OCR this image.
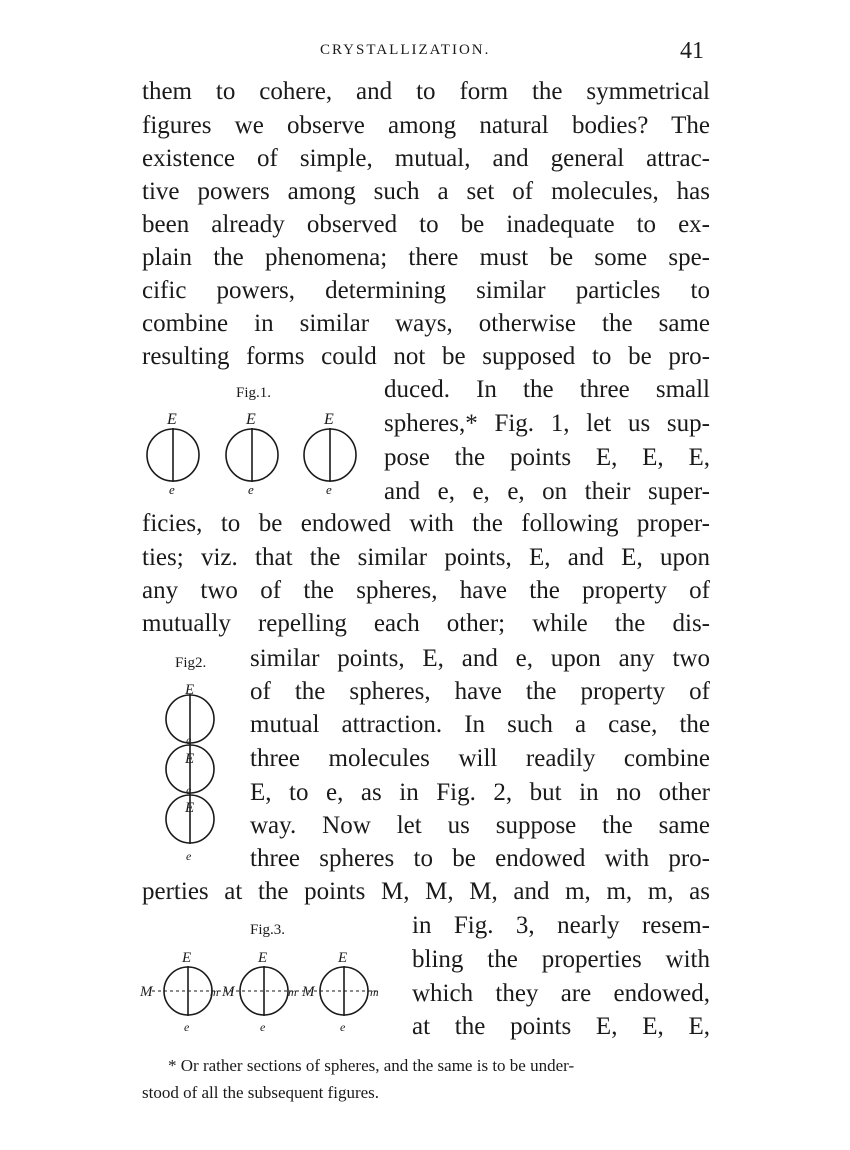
CRYSTALLIZATION.	41
them to cohere, and to form the symmetrical
figures we observe among natural bodies? The
existence of simple, mutual, and general attrac-
tive powers among such a set of molecules, has
been already observed to be inadequate to ex-
plain the phenomena; there must be some spe-
cific powers, determining similar particles to
combine in similar ways, otherwise the same
resulting forms could not be supposed to be pro-
duced. In the three small
spheres,* Fig. 1, let us sup-
pose the points E, E, E,
and e, e, e, on their super-
ficies, to be endowed with the following proper-
ties; viz. that the similar points, E, and E, upon
any two of the spheres, have the property of
mutually repelling each other; while the dis-
similar points, E, and e, upon any two
of the spheres, have the property of
mutual attraction. In such a case, the
three molecules will readily combine
E, to e, as in Fig. 2, but in no other
way. Now let us suppose the same
three spheres to be endowed with pro-
perties at the points M, M, M, and m, m, m, as
in Fig. 3, nearly resem-
bling the properties with
which they are endowed,
at the points E, E, E,
Fig.1.
E	E	E
e	e	e
Fig2.
E
E
E
e
e
e
Fig.3.
E	E	E
e	e	e
M	m M	m M	m
* Or rather sections of spheres, and the same is to be under-
stood of all the subsequent figures.
